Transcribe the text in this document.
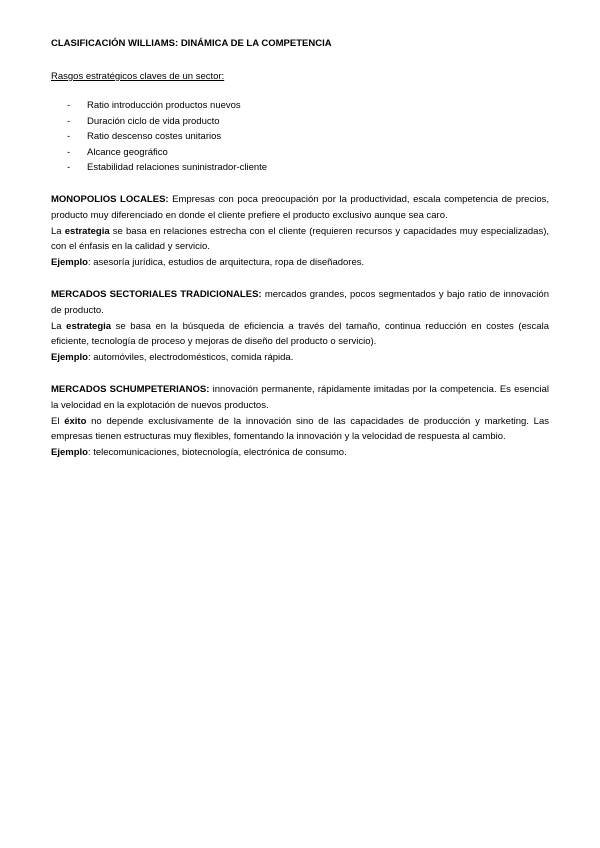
CLASIFICACIÓN WILLIAMS: DINÁMICA DE LA COMPETENCIA
Rasgos estratégicos claves de un sector:
- Ratio introducción productos nuevos
- Duración ciclo de vida producto
- Ratio descenso costes unitarios
- Alcance geográfico
- Estabilidad relaciones suninistrador-cliente

MONOPOLIOS LOCALES: Empresas con poca preocupación por la productividad, escala competencia de precios, producto muy diferenciado en donde el cliente prefiere el producto exclusivo aunque sea caro.

La estrategia se basa en relaciones estrecha con el cliente (requieren recursos y capacidades muy especializadas), con el énfasis en la calidad y servicio.

Ejemplo: asesoría jurídica, estudios de arquitectura, ropa de diseñadores.

MERCADOS SECTORIALES TRADICIONALES: mercados grandes, pocos segmentados y bajo ratio de innovación de producto.

La estrategia se basa en la búsqueda de eficiencia a través del tamaño, continua reducción en costes (escala eficiente, tecnología de proceso y mejoras de diseño del producto o servicio).

Ejemplo: automóviles, electrodomésticos, comida rápida.

MERCADOS SCHUMPETERIANOS: innovación permanente, rápidamente imitadas por la competencia. Es esencial la velocidad en la explotación de nuevos productos.

El éxito no depende exclusivamente de la innovación sino de las capacidades de producción y marketing. Las empresas tienen estructuras muy flexibles, fomentando la innovación y la velocidad de respuesta al cambio.

Ejemplo: telecomunicaciones, biotecnología, electrónica de consumo.
